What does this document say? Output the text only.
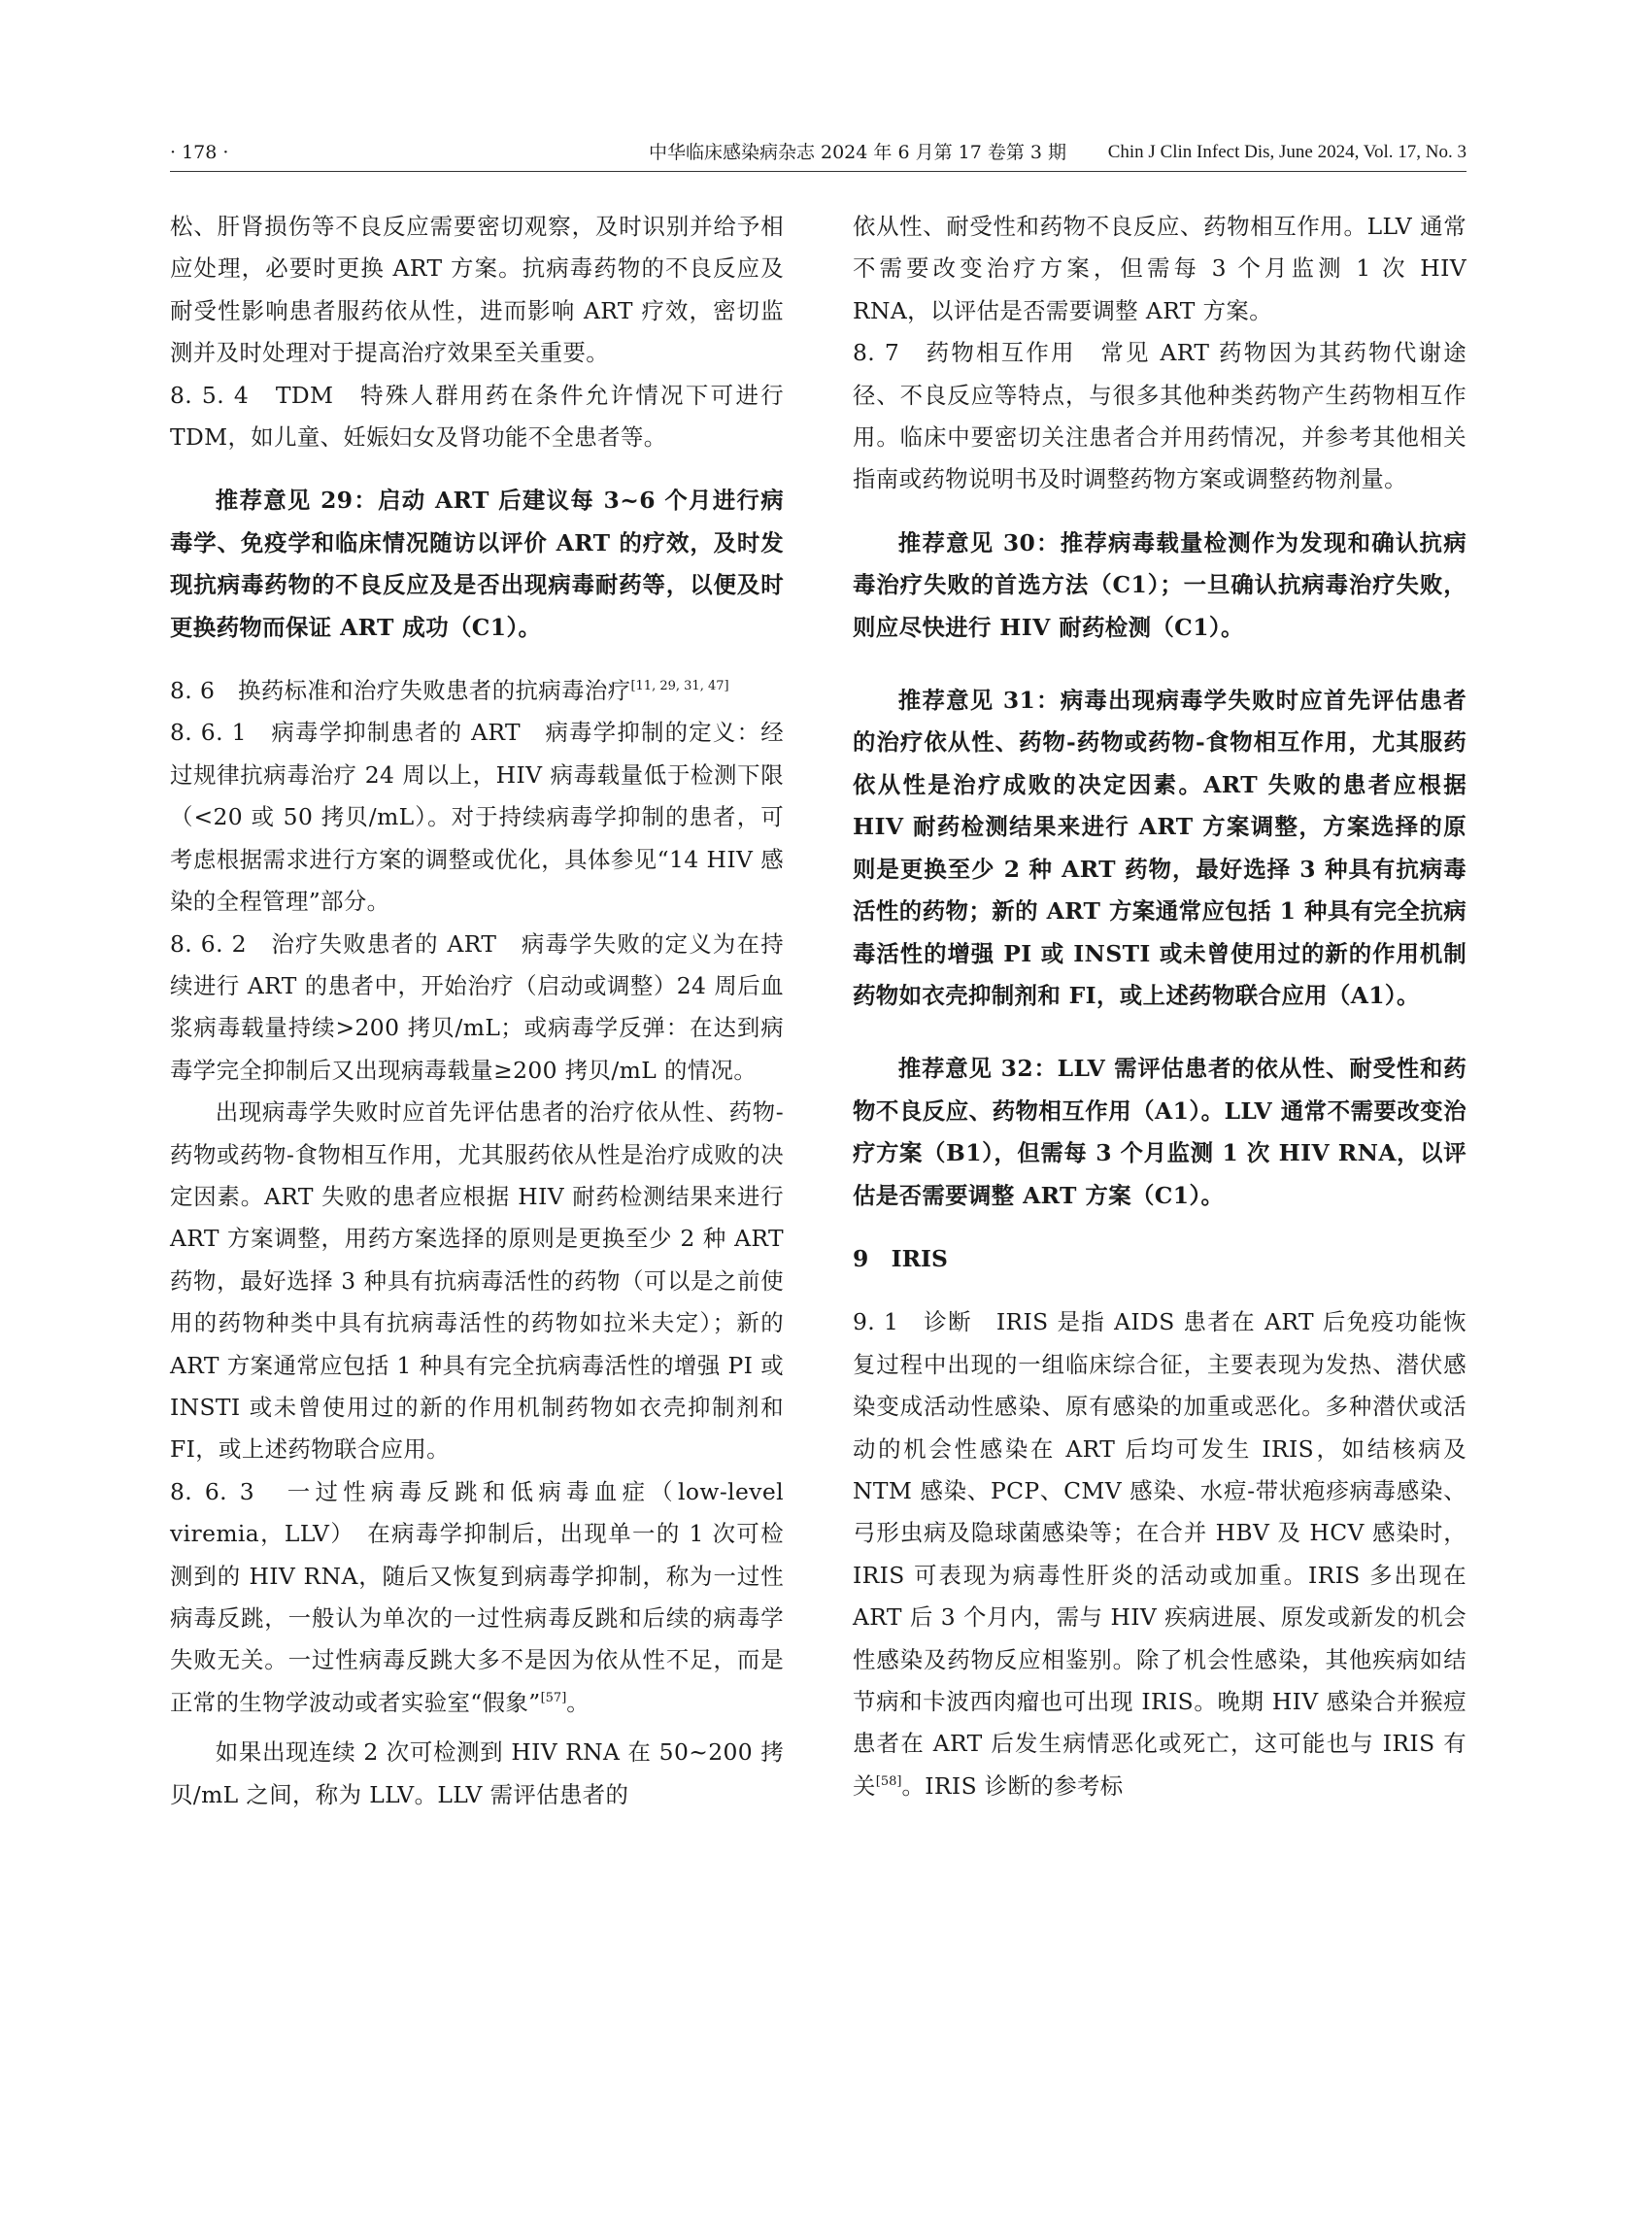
· 178 ·	中华临床感染病杂志 2024 年 6 月第 17 卷第 3 期 Chin J Clin Infect Dis, June 2024, Vol. 17, No. 3

松、肝肾损伤等不良反应需要密切观察，及时识别并给予相应处理，必要时更换 ART 方案。抗病毒药物的不良反应及耐受性影响患者服药依从性，进而影响 ART 疗效，密切监测并及时处理对于提高治疗效果至关重要。

8. 5. 4　TDM　特殊人群用药在条件允许情况下可进行 TDM，如儿童、妊娠妇女及肾功能不全患者等。

推荐意见 29：启动 ART 后建议每 3~6 个月进行病毒学、免疫学和临床情况随访以评价 ART 的疗效，及时发现抗病毒药物的不良反应及是否出现病毒耐药等，以便及时更换药物而保证 ART 成功（C1）。

8. 6　换药标准和治疗失败患者的抗病毒治疗[11, 29, 31, 47]

8. 6. 1　病毒学抑制患者的 ART　病毒学抑制的定义：经过规律抗病毒治疗 24 周以上，HIV 病毒载量低于检测下限（<20 或 50 拷贝/mL）。对于持续病毒学抑制的患者，可考虑根据需求进行方案的调整或优化，具体参见“14 HIV 感染的全程管理”部分。

8. 6. 2　治疗失败患者的 ART　病毒学失败的定义为在持续进行 ART 的患者中，开始治疗（启动或调整）24 周后血浆病毒载量持续>200 拷贝/mL；或病毒学反弹：在达到病毒学完全抑制后又出现病毒载量≥200 拷贝/mL 的情况。

出现病毒学失败时应首先评估患者的治疗依从性、药物-药物或药物-食物相互作用，尤其服药依从性是治疗成败的决定因素。ART 失败的患者应根据 HIV 耐药检测结果来进行 ART 方案调整，用药方案选择的原则是更换至少 2 种 ART 药物，最好选择 3 种具有抗病毒活性的药物（可以是之前使用的药物种类中具有抗病毒活性的药物如拉米夫定）；新的 ART 方案通常应包括 1 种具有完全抗病毒活性的增强 PI 或 INSTI 或未曾使用过的新的作用机制药物如衣壳抑制剂和 FI，或上述药物联合应用。

8. 6. 3　一过性病毒反跳和低病毒血症（low-level viremia，LLV）　在病毒学抑制后，出现单一的 1 次可检测到的 HIV RNA，随后又恢复到病毒学抑制，称为一过性病毒反跳，一般认为单次的一过性病毒反跳和后续的病毒学失败无关。一过性病毒反跳大多不是因为依从性不足，而是正常的生物学波动或者实验室“假象”[57]。

如果出现连续 2 次可检测到 HIV RNA 在 50~200 拷贝/mL 之间，称为 LLV。LLV 需评估患者的

依从性、耐受性和药物不良反应、药物相互作用。LLV 通常不需要改变治疗方案，但需每 3 个月监测 1 次 HIV RNA，以评估是否需要调整 ART 方案。

8. 7　药物相互作用　常见 ART 药物因为其药物代谢途径、不良反应等特点，与很多其他种类药物产生药物相互作用。临床中要密切关注患者合并用药情况，并参考其他相关指南或药物说明书及时调整药物方案或调整药物剂量。

推荐意见 30：推荐病毒载量检测作为发现和确认抗病毒治疗失败的首选方法（C1）；一旦确认抗病毒治疗失败，则应尽快进行 HIV 耐药检测（C1）。

推荐意见 31：病毒出现病毒学失败时应首先评估患者的治疗依从性、药物-药物或药物-食物相互作用，尤其服药依从性是治疗成败的决定因素。ART 失败的患者应根据 HIV 耐药检测结果来进行 ART 方案调整，方案选择的原则是更换至少 2 种 ART 药物，最好选择 3 种具有抗病毒活性的药物；新的 ART 方案通常应包括 1 种具有完全抗病毒活性的增强 PI 或 INSTI 或未曾使用过的新的作用机制药物如衣壳抑制剂和 FI，或上述药物联合应用（A1）。

推荐意见 32：LLV 需评估患者的依从性、耐受性和药物不良反应、药物相互作用（A1）。LLV 通常不需要改变治疗方案（B1），但需每 3 个月监测 1 次 HIV RNA，以评估是否需要调整 ART 方案（C1）。

9　IRIS

9. 1　诊断　IRIS 是指 AIDS 患者在 ART 后免疫功能恢复过程中出现的一组临床综合征，主要表现为发热、潜伏感染变成活动性感染、原有感染的加重或恶化。多种潜伏或活动的机会性感染在 ART 后均可发生 IRIS，如结核病及 NTM 感染、PCP、CMV 感染、水痘-带状疱疹病毒感染、弓形虫病及隐球菌感染等；在合并 HBV 及 HCV 感染时，IRIS 可表现为病毒性肝炎的活动或加重。IRIS 多出现在 ART 后 3 个月内，需与 HIV 疾病进展、原发或新发的机会性感染及药物反应相鉴别。除了机会性感染，其他疾病如结节病和卡波西肉瘤也可出现 IRIS。晚期 HIV 感染合并猴痘患者在 ART 后发生病情恶化或死亡，这可能也与 IRIS 有关[58]。IRIS 诊断的参考标
